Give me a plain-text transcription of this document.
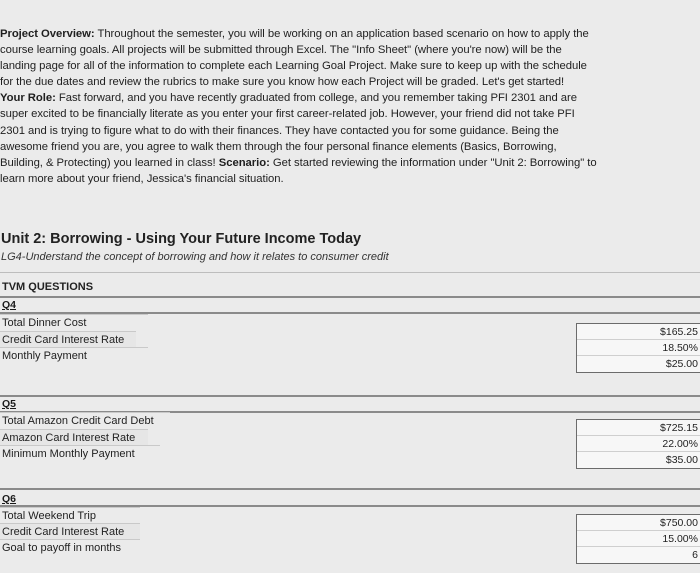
Project Overview: Throughout the semester, you will be working on an application based scenario on how to apply the course learning goals. All projects will be submitted through Excel. The "Info Sheet" (where you're now) will be the landing page for all of the information to complete each Learning Goal Project. Make sure to keep up with the schedule for the due dates and review the rubrics to make sure you know how each Project will be graded. Let's get started!
Your Role: Fast forward, and you have recently graduated from college, and you remember taking PFI 2301 and are super excited to be financially literate as you enter your first career-related job. However, your friend did not take PFI 2301 and is trying to figure what to do with their finances. They have contacted you for some guidance. Being the awesome friend you are, you agree to walk them through the four personal finance elements (Basics, Borrowing, Building, & Protecting) you learned in class! Scenario: Get started reviewing the information under "Unit 2: Borrowing" to learn more about your friend, Jessica's financial situation.
Unit 2: Borrowing - Using Your Future Income Today
LG4-Understand the concept of borrowing and how it relates to consumer credit
TVM QUESTIONS
Q4
Total Dinner Cost
Credit Card Interest Rate
Monthly Payment
$165.25
18.50%
$25.00
Q5
Total Amazon Credit Card Debt
Amazon Card Interest Rate
Minimum Monthly Payment
$725.15
22.00%
$35.00
Q6
Total Weekend Trip
Credit Card Interest Rate
Goal to payoff in months
$750.00
15.00%
6
